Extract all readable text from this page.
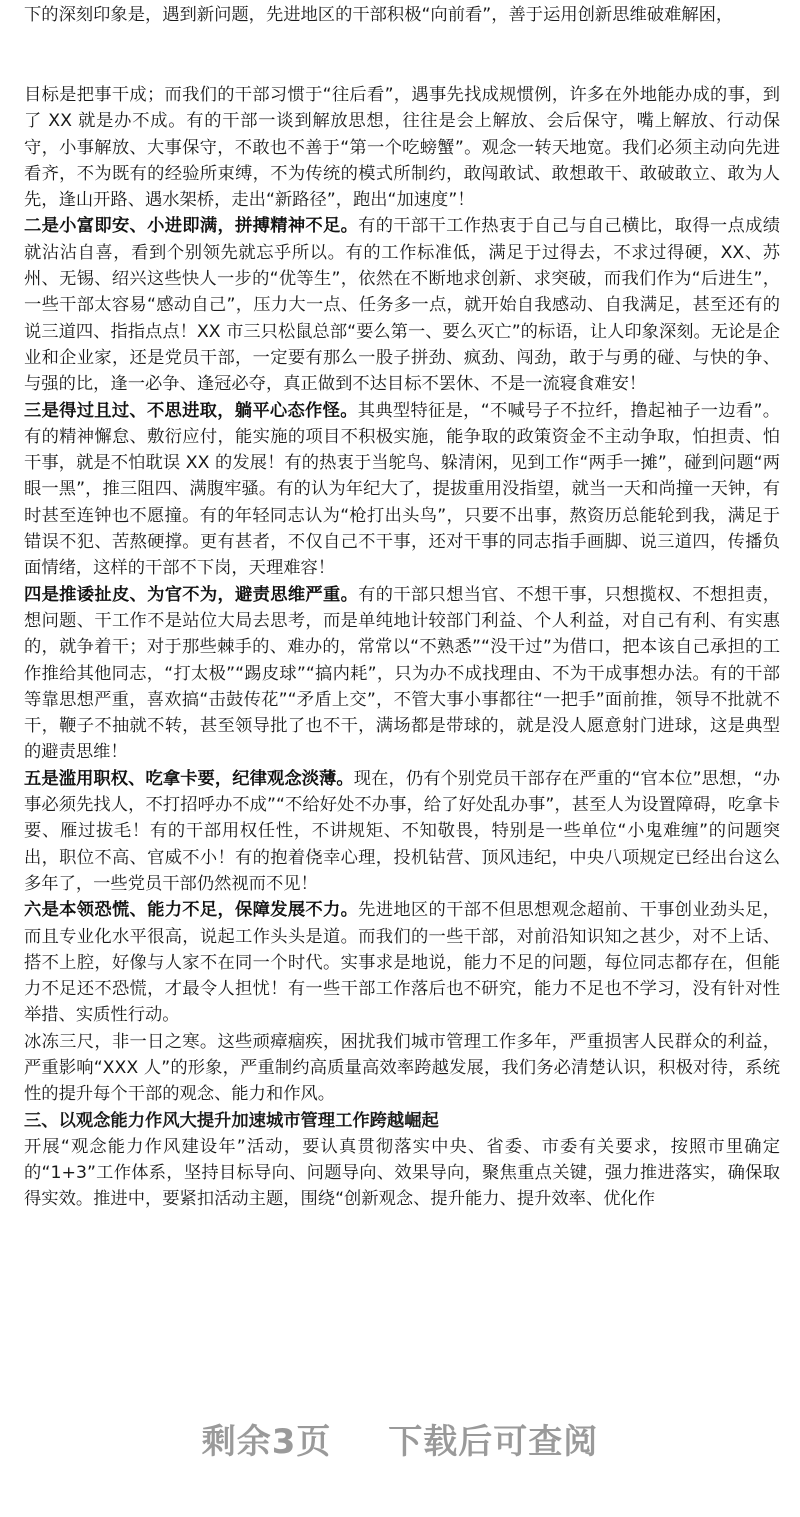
下的深刻印象是，遇到新问题，先进地区的干部积极“向前看”，善于运用创新思维破难解困，

目标是把事干成；而我们的干部习惯于“往后看”，遇事先找成规惯例，许多在外地能办成的事，到了 XX 就是办不成。有的干部一谈到解放思想，往往是会上解放、会后保守，嘴上解放、行动保守，小事解放、大事保守，不敢也不善于“第一个吃螃蟹”。观念一转天地宽。我们必须主动向先进看齐，不为既有的经验所束缚，不为传统的模式所制约，敢闯敢试、敢想敢干、敢破敢立、敢为人先，逢山开路、遇水架桥，走出“新路径”，跑出“加速度”！

二是小富即安、小进即满，拼搏精神不足。有的干部干工作热衷于自己与自己横比，取得一点成绩就沾沾自喜，看到个别领先就忘乎所以。有的工作标准低，满足于过得去，不求过得硬，XX、苏州、无锡、绍兴这些快人一步的“优等生”，依然在不断地求创新、求突破，而我们作为“后进生”，一些干部太容易“感动自己”，压力大一点、任务多一点，就开始自我感动、自我满足，甚至还有的说三道四、指指点点！XX 市三只松鼠总部“要么第一、要么灭亡”的标语，让人印象深刻。无论是企业和企业家，还是党员干部，一定要有那么一股子拼劲、疯劲、闯劲，敢于与勇的碰、与快的争、与强的比，逢一必争、逢冠必夺，真正做到不达目标不罢休、不是一流寝食难安！

三是得过且过、不思进取，躺平心态作怪。其典型特征是，“不喊号子不拉纤，撸起袖子一边看”。有的精神懈怠、敷衍应付，能实施的项目不积极实施，能争取的政策资金不主动争取，怕担责、怕干事，就是不怕耽误 XX 的发展！有的热衷于当鸵鸟、躲清闲，见到工作“两手一摊”，碰到问题“两眼一黑”，推三阻四、满腹牢骚。有的认为年纪大了，提拔重用没指望，就当一天和尚撞一天钟，有时甚至连钟也不愿撞。有的年轻同志认为“枪打出头鸟”，只要不出事，熬资历总能轮到我，满足于错误不犯、苦熬硬撑。更有甚者，不仅自己不干事，还对干事的同志指手画脚、说三道四，传播负面情绪，这样的干部不下岗，天理难容！

四是推诿扯皮、为官不为，避责思维严重。有的干部只想当官、不想干事，只想揽权、不想担责，想问题、干工作不是站位大局去思考，而是单纯地计较部门利益、个人利益，对自己有利、有实惠的，就争着干；对于那些棘手的、难办的，常常以“不熟悉”“没干过”为借口，把本该自己承担的工作推给其他同志，“打太极”“踢皮球”“搞内耗”，只为办不成找理由、不为干成事想办法。有的干部等靠思想严重，喜欢搞“击鼓传花”“矛盾上交”，不管大事小事都往“一把手”面前推，领导不批就不干，鞭子不抽就不转，甚至领导批了也不干，满场都是带球的，就是没人愿意射门进球，这是典型的避责思维！

五是滥用职权、吃拿卡要，纪律观念淡薄。现在，仍有个别党员干部存在严重的“官本位”思想，“办事必须先找人，不打招呼办不成”“不给好处不办事，给了好处乱办事”，甚至人为设置障碍，吃拿卡要、雁过拔毛！有的干部用权任性，不讲规矩、不知敬畏，特别是一些单位“小鬼难缠”的问题突出，职位不高、官威不小！有的抱着侥幸心理，投机钻营、顶风违纪，中央八项规定已经出台这么多年了，一些党员干部仍然视而不见！

六是本领恐慌、能力不足，保障发展不力。先进地区的干部不但思想观念超前、干事创业劲头足，而且专业化水平很高，说起工作头头是道。而我们的一些干部，对前沿知识知之甚少，对不上话、搭不上腔，好像与人家不在同一个时代。实事求是地说，能力不足的问题，每位同志都存在，但能力不足还不恐慌，才最令人担忧！有一些干部工作落后也不研究，能力不足也不学习，没有针对性举措、实质性行动。

冰冻三尺，非一日之寒。这些顽瘴痼疾，困扰我们城市管理工作多年，严重损害人民群众的利益，严重影响“XXX 人”的形象，严重制约高质量高效率跨越发展，我们务必清楚认识，积极对待，系统性的提升每个干部的观念、能力和作风。

三、以观念能力作风大提升加速城市管理工作跨越崛起

开展“观念能力作风建设年”活动，要认真贯彻落实中央、省委、市委有关要求，按照市里确定的“1+3”工作体系，坚持目标导向、问题导向、效果导向，聚焦重点关键，强力推进落实，确保取得实效。推进中，要紧扣活动主题，围绕“创新观念、提升能力、提升效率、优化作

剩余3页 下载后可查阅
